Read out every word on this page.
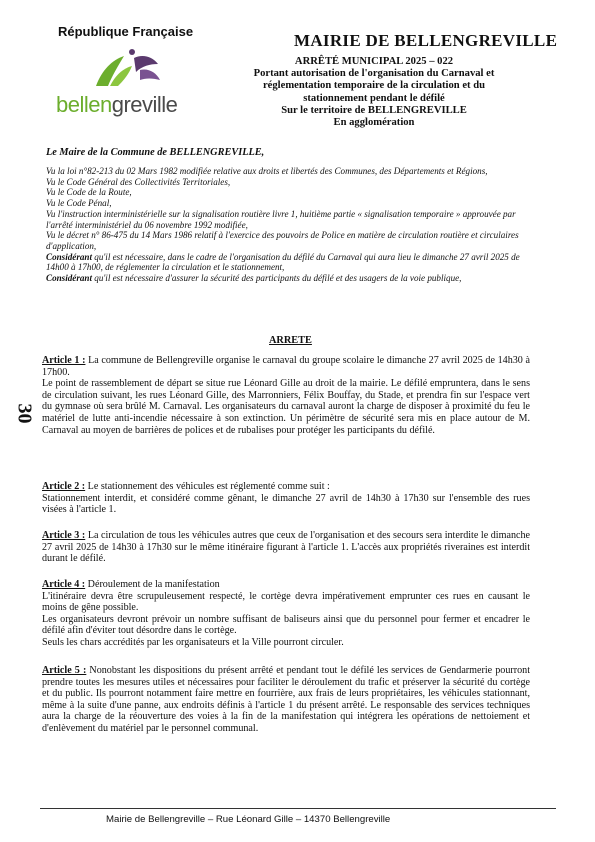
République Française
bellengreville
MAIRIE DE BELLENGREVILLE
ARRÊTÉ MUNICIPAL 2025 – 022
Portant autorisation de l'organisation du Carnaval et
réglementation temporaire de la circulation et du
stationnement pendant le défilé
Sur le territoire de BELLENGREVILLE
En agglomération
Le Maire de la Commune de BELLENGREVILLE,

Vu la loi n°82-213 du 02 Mars 1982 modifiée relative aux droits et libertés des Communes, des Départements et Régions,

Vu le Code Général des Collectivités Territoriales,

Vu le Code de la Route,

Vu le Code Pénal,

Vu l'instruction interministérielle sur la signalisation routière livre 1, huitième partie « signalisation temporaire » approuvée par l'arrêté interministériel du 06 novembre 1992 modifiée,

Vu le décret n° 86-475 du 14 Mars 1986 relatif à l'exercice des pouvoirs de Police en matière de circulation routière et circulaires d'application,

Considérant qu'il est nécessaire, dans le cadre de l'organisation du défilé du Carnaval qui aura lieu le dimanche 27 avril 2025 de 14h00 à 17h00, de réglementer la circulation et le stationnement,

Considérant qu'il est nécessaire d'assurer la sécurité des participants du défilé et des usagers de la voie publique,

ARRETE
30

Article 1 : La commune de Bellengreville organise le carnaval du groupe scolaire le dimanche 27 avril 2025 de 14h30 à 17h00.

Le point de rassemblement de départ se situe rue Léonard Gille au droit de la mairie. Le défilé empruntera, dans le sens de circulation suivant, les rues Léonard Gille, des Marronniers, Félix Bouffay, du Stade, et prendra fin sur l'espace vert du gymnase où sera brûlé M. Carnaval. Les organisateurs du carnaval auront la charge de disposer à proximité du feu le matériel de lutte anti-incendie nécessaire à son extinction. Un périmètre de sécurité sera mis en place autour de M. Carnaval au moyen de barrières de polices et de rubalises pour protéger les participants du défilé.

Article 2 : Le stationnement des véhicules est réglementé comme suit :

Stationnement interdit, et considéré comme gênant, le dimanche 27 avril de 14h30 à 17h30 sur l'ensemble des rues visées à l'article 1.

Article 3 : La circulation de tous les véhicules autres que ceux de l'organisation et des secours sera interdite le dimanche 27 avril 2025 de 14h30 à 17h30 sur le même itinéraire figurant à l'article 1. L'accès aux propriétés riveraines est interdit durant le défilé.

Article 4 : Déroulement de la manifestation

L'itinéraire devra être scrupuleusement respecté, le cortège devra impérativement emprunter ces rues en causant le moins de gêne possible.

Les organisateurs devront prévoir un nombre suffisant de baliseurs ainsi que du personnel pour fermer et encadrer le défilé afin d'éviter tout désordre dans le cortège.

Seuls les chars accrédités par les organisateurs et la Ville pourront circuler.

Article 5 : Nonobstant les dispositions du présent arrêté et pendant tout le défilé les services de Gendarmerie pourront prendre toutes les mesures utiles et nécessaires pour faciliter le déroulement du trafic et préserver la sécurité du cortège et du public. Ils pourront notamment faire mettre en fourrière, aux frais de leurs propriétaires, les véhicules stationnant, même à la suite d'une panne, aux endroits définis à l'article 1 du présent arrêté. Le responsable des services techniques aura la charge de la réouverture des voies à la fin de la manifestation qui intégrera les opérations de nettoiement et d'enlèvement du matériel par le personnel communal.

Mairie de Bellengreville – Rue Léonard Gille – 14370 Bellengreville
